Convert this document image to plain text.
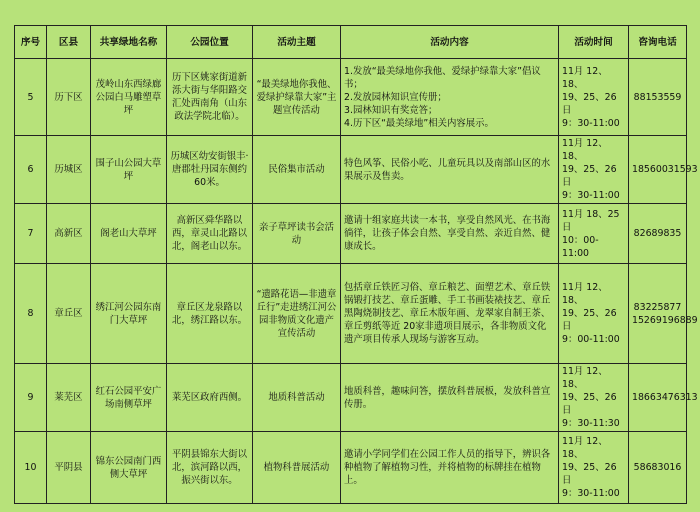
序号	区县	共享绿地名称	公园位置	活动主题	活动内容	活动时间	咨询电话
5	历下区	茂岭山东西绿廊公园白马雕塑草坪	历下区姚家街道新泺大街与华阳路交汇处西南角（山东政法学院北临）。	“最美绿地你我他、爱绿护绿靠大家”主题宣传活动	1.发放“最美绿地你我他、爱绿护绿靠大家”倡议书；
2.发放园林知识宣传册；
3.园林知识有奖竞答；
4.历下区“最美绿地”相关内容展示。	11月 12、18、
19、25、26日
9：30-11:00	88153559

6	历城区	围子山公园大草坪	历城区幼安街银丰·唐郡牡丹园东侧约 60米。	民俗集市活动	特色风筝、民俗小吃、儿童玩具以及南部山区的水果展示及售卖。	11月 12、18、
19、25、26日
9：30-11:00	18560031593

7	高新区	阁老山大草坪	高新区舜华路以西，章灵山北路以北，阁老山以东。	亲子草坪读书会活动	邀请十组家庭共读一本书，享受自然风光、在书海徜徉，让孩子体会自然、享受自然、亲近自然、健康成长。	11月 18、25
日
10：00-11:00	82689835

8	章丘区	绣江河公园东南门大草坪	章丘区龙泉路以北，绣江路以东。	“遗路花语—非遗章丘行”走进绣江河公园非物质文化遗产宣传活动	包括章丘铁匠习俗、章丘粮艺、面塑艺术、章丘铁锅锻打技艺、章丘蛋雕、手工书画装裱技艺、章丘黑陶烧制技艺、章丘木版年画、龙翠家自制王茶、章丘剪纸等近 20家非遗项目展示，各非物质文化遗产项目传承人现场与游客互动。	11月 12、18、
19、25、26日
9：00-11:00	83225877
15269196889

9	莱芜区	红石公园平安广场南侧草坪	莱芜区政府西侧。	地质科普活动	地质科普，趣味问答，摆放科普展板，发放科普宣传册。	11月 12、18、
19、25、26日
9：30-11:30	18663476313

10	平阴县	锦东公园南门西侧大草坪	平阴县锦东大街以北，滨河路以西，振兴街以东。	植物科普展活动	邀请小学同学们在公园工作人员的指导下，辨识各种植物了解植物习性，并将植物的标牌挂在植物上。	11月 12、18、
19、25、26日
9：30-11:00	58683016
